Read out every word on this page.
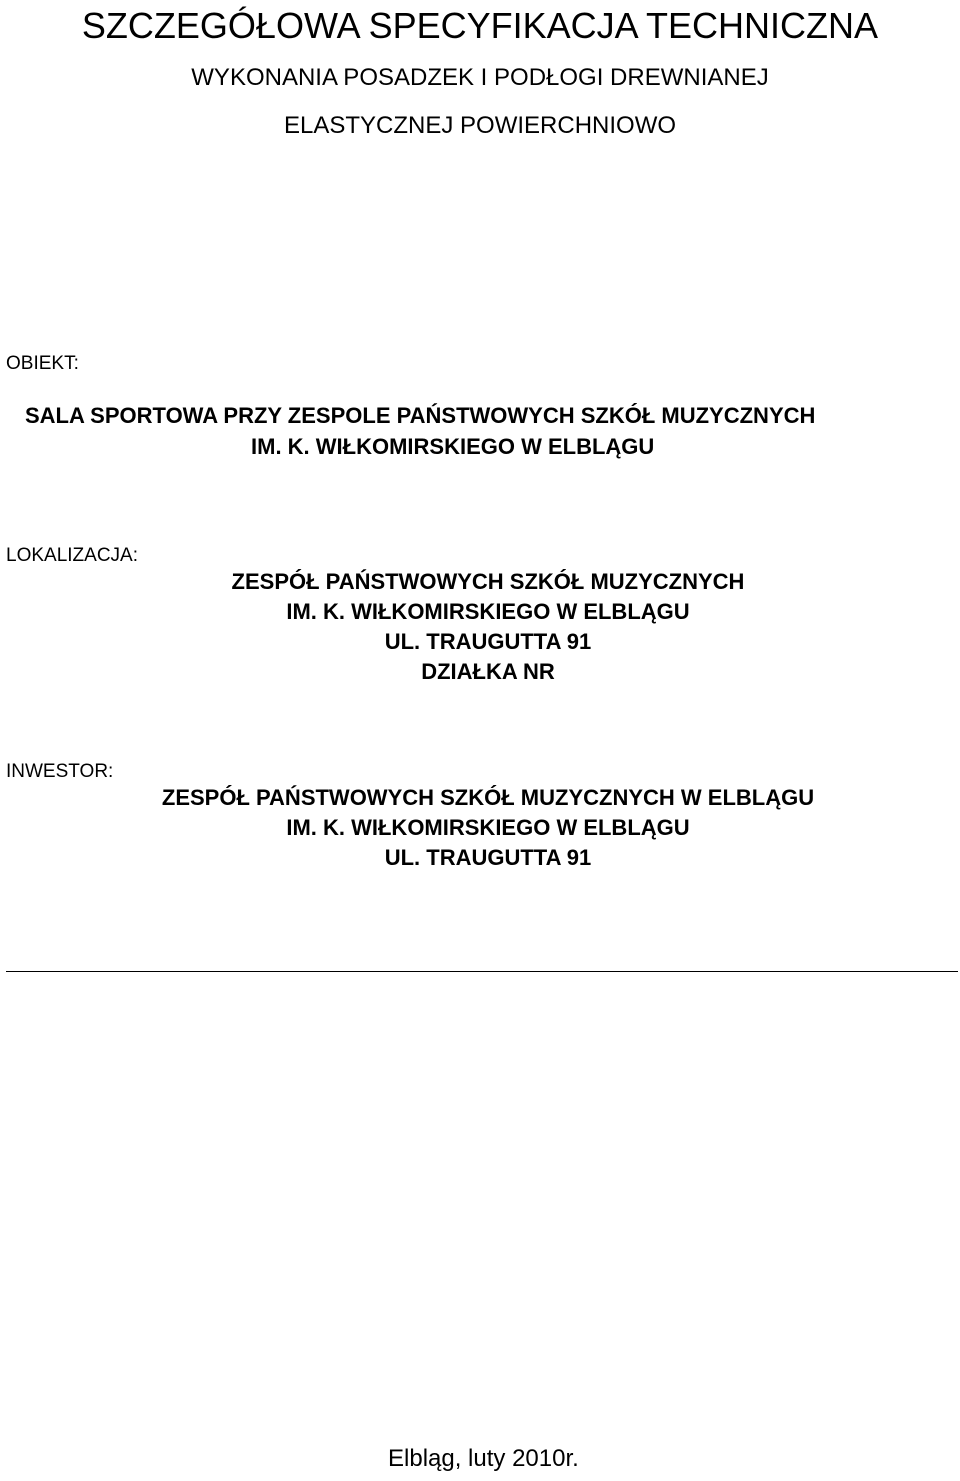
SZCZEGÓŁOWA SPECYFIKACJA TECHNICZNA
WYKONANIA POSADZEK I PODŁOGI DREWNIANEJ
ELASTYCZNEJ POWIERCHNIOWO
OBIEKT:
SALA SPORTOWA PRZY ZESPOLE PAŃSTWOWYCH SZKÓŁ MUZYCZNYCH
IM. K. WIŁKOMIRSKIEGO W ELBLĄGU
LOKALIZACJA:
ZESPÓŁ PAŃSTWOWYCH SZKÓŁ MUZYCZNYCH
IM. K. WIŁKOMIRSKIEGO W ELBLĄGU
UL. TRAUGUTTA 91
DZIAŁKA NR
INWESTOR:
ZESPÓŁ PAŃSTWOWYCH SZKÓŁ MUZYCZNYCH W ELBLĄGU
IM. K. WIŁKOMIRSKIEGO W ELBLĄGU
UL. TRAUGUTTA 91
Elbląg, luty 2010r.
